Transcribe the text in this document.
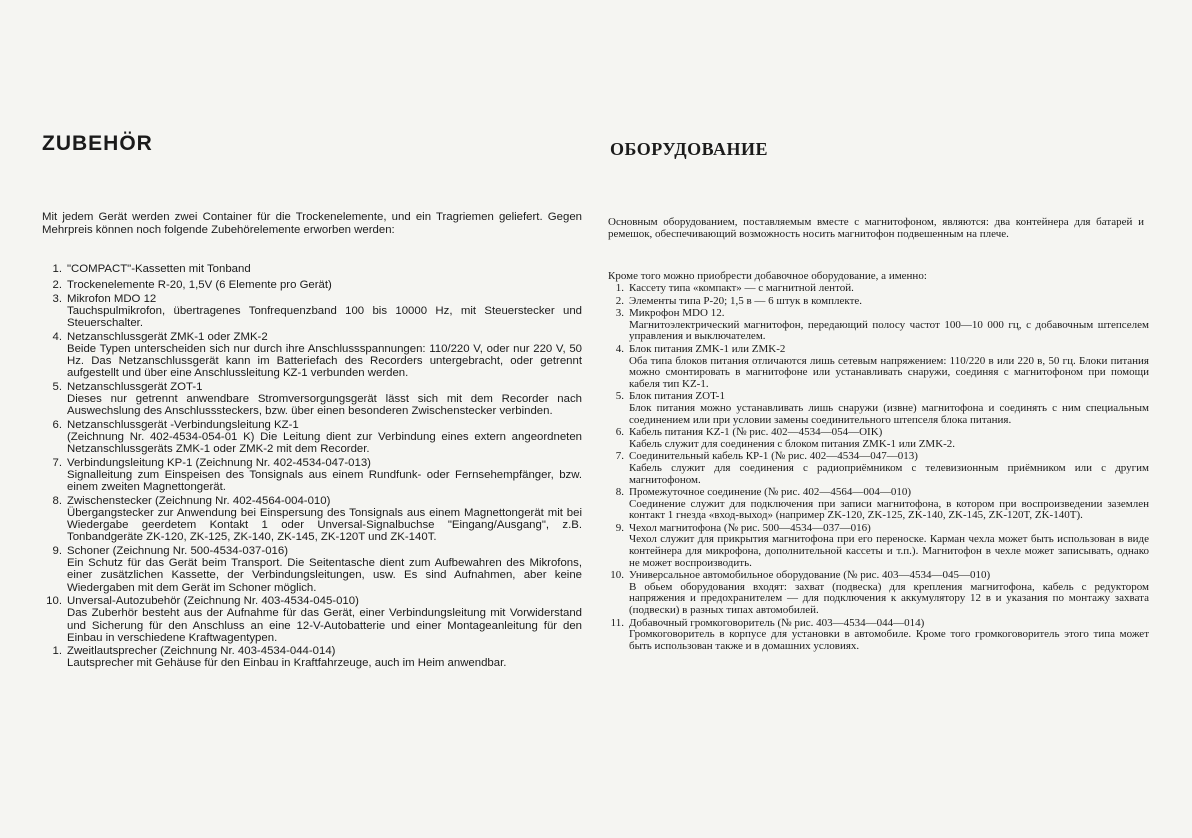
ZUBEHÖR

Mit jedem Gerät werden zwei Container für die Trockenelemente, und ein Tragriemen geliefert. Gegen Mehrpreis können noch folgende Zubehörelemente erworben werden:

1. "COMPACT"-Kassetten mit Tonband
2. Trockenelemente R-20, 1,5V (6 Elemente pro Gerät)
3. Mikrofon MDO 12
Tauchspulmikrofon, übertragenes Tonfrequenzband 100 bis 10000 Hz, mit Steuerstecker und Steuerschalter.
4. Netzanschlussgerät ZMK-1 oder ZMK-2
Beide Typen unterscheiden sich nur durch ihre Anschlussspannungen: 110/220 V, oder nur 220 V, 50 Hz. Das Netzanschlussgerät kann im Batteriefach des Recorders untergebracht, oder getrennt aufgestellt und über eine Anschlussleitung KZ-1 verbunden werden.
5. Netzanschlussgerät ZOT-1
Dieses nur getrennt anwendbare Stromversorgungsgerät lässt sich mit dem Recorder nach Auswechslung des Anschlusssteckers, bzw. über einen besonderen Zwischenstecker verbinden.
6. Netzanschlussgerät -Verbindungsleitung KZ-1
(Zeichnung Nr. 402-4534-054-01 K) Die Leitung dient zur Verbindung eines extern angeordneten Netzanschlussgeräts ZMK-1 oder ZMK-2 mit dem Recorder.
7. Verbindungsleitung KP-1 (Zeichnung Nr. 402-4534-047-013)
Signalleitung zum Einspeisen des Tonsignals aus einem Rundfunk- oder Fernsehempfänger, bzw. einem zweiten Magnettongerät.
8. Zwischenstecker (Zeichnung Nr. 402-4564-004-010)
Übergangstecker zur Anwendung bei Einspersung des Tonsignals aus einem Magnettongerät mit bei Wiedergabe geerdetem Kontakt 1 oder Unversal-Signalbuchse "Eingang/Ausgang", z.B. Tonbandgeräte ZK-120, ZK-125, ZK-140, ZK-145, ZK-120T und ZK-140T.
9. Schoner (Zeichnung Nr. 500-4534-037-016)
Ein Schutz für das Gerät beim Transport. Die Seitentasche dient zum Aufbewahren des Mikrofons, einer zusätzlichen Kassette, der Verbindungsleitungen, usw. Es sind Aufnahmen, aber keine Wiedergaben mit dem Gerät im Schoner möglich.
10. Unversal-Autozubehör (Zeichnung Nr. 403-4534-045-010)
Das Zuberhör besteht aus der Aufnahme für das Gerät, einer Verbindungsleitung mit Vorwiderstand und Sicherung für den Anschluss an eine 12-V-Autobatterie und einer Montageanleitung für den Einbau in verschiedene Kraftwagentypen.
1. Zweitlautsprecher (Zeichnung Nr. 403-4534-044-014)
Lautsprecher mit Gehäuse für den Einbau in Kraftfahrzeuge, auch im Heim anwendbar.
ОБОРУДОВАНИЕ

Основным оборудованием, поставляемым вместе с магнитофоном, являются: два контейнера для батарей и ремешок, обеспечивающий возможность носить магнитофон подвешенным на плече.

Кроме того можно приобрести добавочное оборудование, а именно:

1. Кассету типа «компакт» — с магнитной лентой.
2. Элементы типа Р-20; 1,5 в — 6 штук в комплекте.
3. Микрофон MDO 12.
Магнитоэлектрический магнитофон, передающий полосу частот 100—10 000 гц, с добавочным штепселем управления и выключателем.
4. Блок питания ZMK-1 или ZMK-2
Оба типа блоков питания отличаются лишь сетевым напряжением: 110/220 в или 220 в, 50 гц. Блоки питания можно смонтировать в магнитофоне или устанавливать снаружи, соединяя с магнитофоном при помощи кабеля тип KZ-1.
5. Блок питания ZOT-1
Блок питания можно устанавливать лишь снаружи (извне) магнитофона и соединять с ним специальным соединением или при условии замены соединительного штепселя блока питания.
6. Кабель питания KZ-1 (№ рис. 402—4534—054—ОIK)
Кабель служит для соединения с блоком питания ZMK-1 или ZMK-2.
7. Соединительный кабель КР-1 (№ рис. 402—4534—047—013)
Кабель служит для соединения с радиоприёмником с телевизионным приёмником или с другим магнитофоном.
8. Промежуточное соединение (№ рис. 402—4564—004—010)
Соединение служит для подключения при записи магнитофона, в котором при воспроизведении заземлен контакт 1 гнезда «вход-выход» (например ZK-120, ZK-125, ZK-140, ZK-145, ZK-120T, ZK-140T).
9. Чехол магнитофона (№ рис. 500—4534—037—016)
Чехол служит для прикрытия магнитофона при его переноске. Карман чехла может быть использован в виде контейнера для микрофона, дополнительной кассеты и т.п.). Магнитофон в чехле может записывать, однако не может воспроизводить.
10. Универсальное автомобильное оборудование (№ рис. 403—4534—045—010)
В обьем оборудования входят: захват (подвеска) для крепления магнитофона, кабель с редуктором напряжения и предохранителем — для подключения к аккумулятору 12 в и указания по монтажу захвата (подвески) в разных типах автомобилей.
11. Добавочный громкоговоритель (№ рис. 403—4534—044—014)
Громкоговоритель в корпусе для установки в автомобиле. Кроме того громкоговоритель этого типа может быть использован также и в домашних условиях.
